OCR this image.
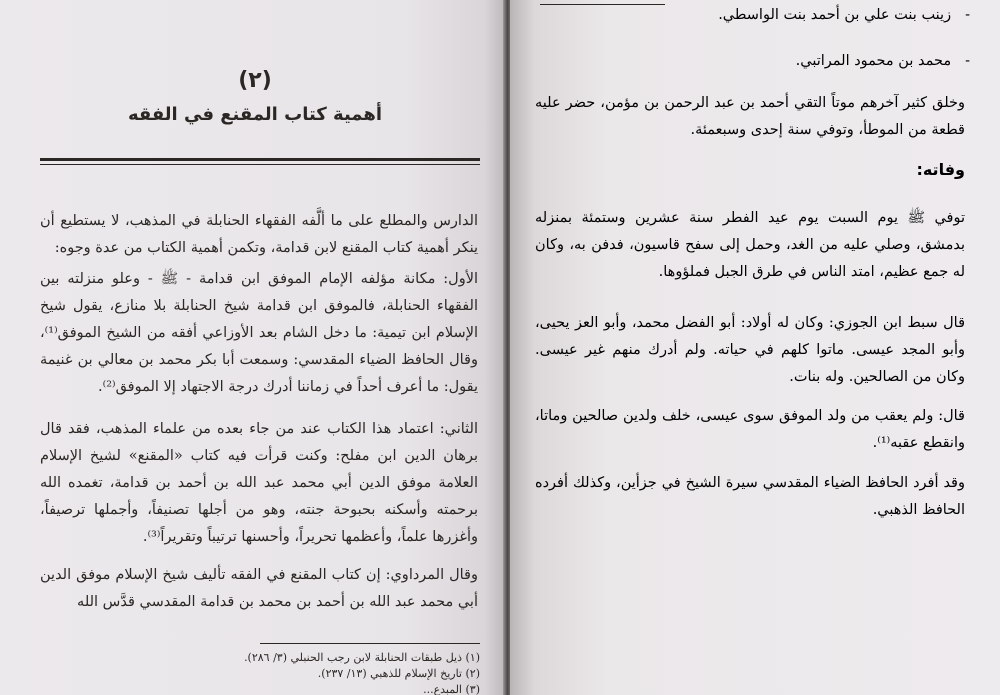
(٢)
أهمية كتاب المقنع في الفقه
الدارس والمطلع على ما ألَّفه الفقهاء الحنابلة في المذهب، لا يستطيع أن ينكر أهمية كتاب المقنع لابن قدامة، وتكمن أهمية الكتاب من عدة وجوه:
الأول: مكانة مؤلفه الإمام الموفق ابن قدامة - ﷺ - وعلو منزلته بين الفقهاء الحنابلة، فالموفق ابن قدامة شيخ الحنابلة بلا منازع، يقول شيخ الإسلام ابن تيمية: ما دخل الشام بعد الأوزاعي أفقه من الشيخ الموفق⁽¹⁾، وقال الحافظ الضياء المقدسي: وسمعت أبا بكر محمد بن معالي بن غنيمة يقول: ما أعرف أحداً في زماننا أدرك درجة الاجتهاد إلا الموفق⁽²⁾.
الثاني: اعتماد هذا الكتاب عند من جاء بعده من علماء المذهب، فقد قال برهان الدين ابن مفلح: وكنت قرأت فيه كتاب «المقنع» لشيخ الإسلام العلامة موفق الدين أبي محمد عبد الله بن أحمد بن قدامة، تغمده الله برحمته وأسكنه بحبوحة جنته، وهو من أجلها تصنيفاً، وأجملها ترصيفاً، وأغزرها علماً، وأعظمها تحريراً، وأحسنها ترتيباً وتقريراً⁽³⁾.
وقال المرداوي: إن كتاب المقنع في الفقه تأليف شيخ الإسلام موفق الدين أبي محمد عبد الله بن أحمد بن محمد بن قدامة المقدسي قدَّس الله
(١) ذيل طبقات الحنابلة لابن رجب الحنبلي (٣/ ٢٨٦).
(٢) تاريخ الإسلام للذهبي (١٣/ ٢٣٧).
(٣) المبدع...
-زينب بنت علي بن أحمد بنت الواسطي.
-محمد بن محمود المراتبي.
وخلق كثير آخرهم موتاً التقي أحمد بن عبد الرحمن بن مؤمن، حضر عليه قطعة من الموطأ، وتوفي سنة إحدى وسبعمئة.
وفاته:
توفي ﷺ يوم السبت يوم عيد الفطر سنة عشرين وستمئة بمنزله بدمشق، وصلي عليه من الغد، وحمل إلى سفح قاسيون، فدفن به، وكان له جمع عظيم، امتد الناس في طرق الجبل فملؤوها.
قال سبط ابن الجوزي: وكان له أولاد: أبو الفضل محمد، وأبو العز يحيى، وأبو المجد عيسى. ماتوا كلهم في حياته. ولم أدرك منهم غير عيسى. وكان من الصالحين. وله بنات.
قال: ولم يعقب من ولد الموفق سوى عيسى، خلف ولدين صالحين وماتا، وانقطع عقبه⁽¹⁾.
وقد أفرد الحافظ الضياء المقدسي سيرة الشيخ في جزأين، وكذلك أفرده الحافظ الذهبي.
